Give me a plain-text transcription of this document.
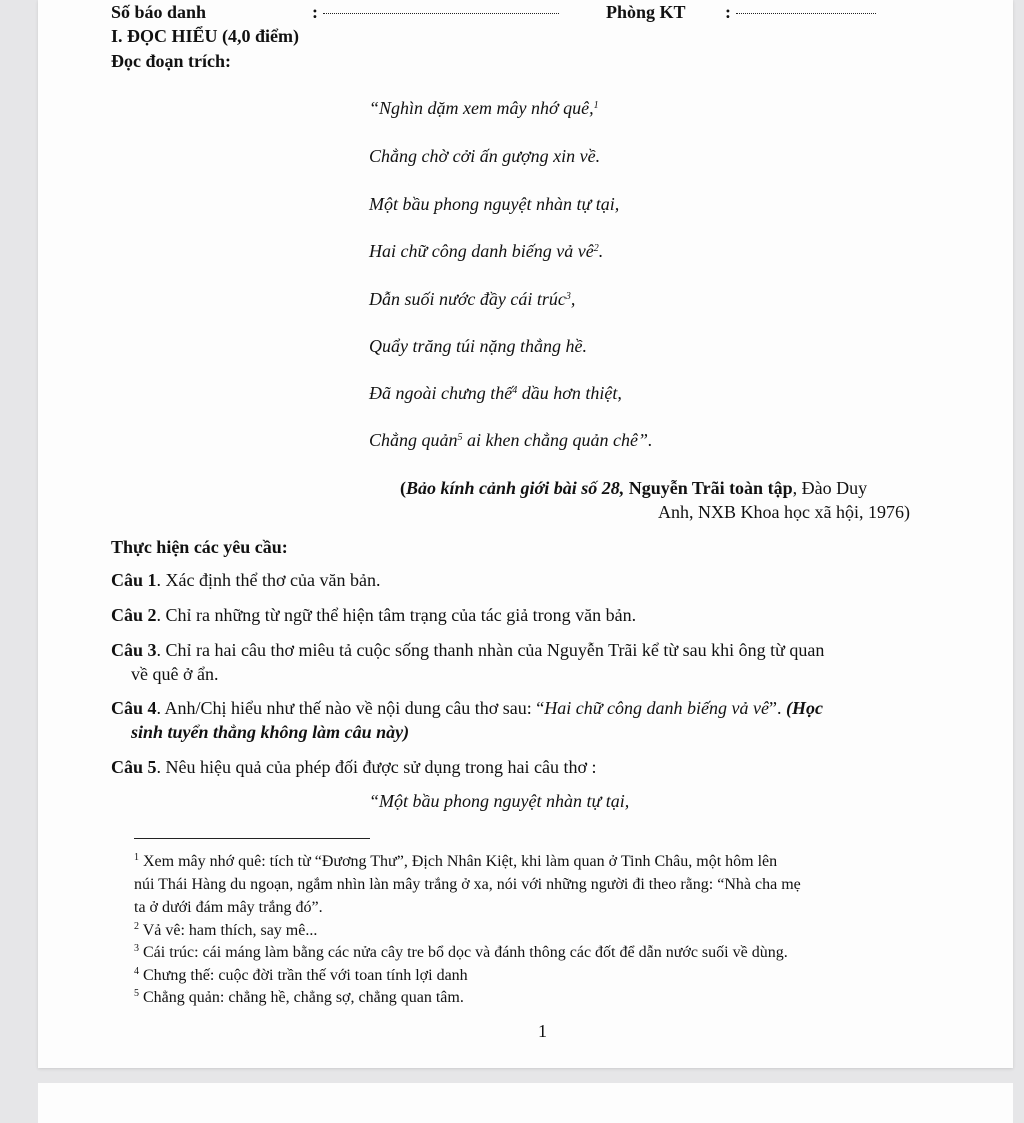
Số báo danh	:	Phòng KT :
I. ĐỌC HIỂU (4,0 điểm)
Đọc đoạn trích:
“Nghìn dặm xem mây nhớ quê,$^1$
Chẳng chờ cởi ấn gượng xin về.
Một bầu phong nguyệt nhàn tự tại,
Hai chữ công danh biếng vả $vê^2$.
Dẫn suối nước đầy cái trúc$^3$,
Quẩy trăng túi nặng thẳng hề.
Đã ngoài chưng thế$^4$ dầu hơn thiệt,
Chẳng quản$^5$ ai khen chẳng quản chê”.
(Bảo kính cảnh giới bài số 28, Nguyễn Trãi toàn tập, Đào Duy
Anh, NXB Khoa học xã hội, 1976)
Thực hiện các yêu cầu:
Câu 1. Xác định thể thơ của văn bản.
Câu 2. Chỉ ra những từ ngữ thể hiện tâm trạng của tác giả trong văn bản.
Câu 3. Chỉ ra hai câu thơ miêu tả cuộc sống thanh nhàn của Nguyễn Trãi kể từ sau khi ông từ quan
về quê ở ẩn.
Câu 4. Anh/Chị hiểu như thế nào về nội dung câu thơ sau: “Hai chữ công danh biếng vả vê”. (Học
sinh tuyển thẳng không làm câu này)
Câu 5. Nêu hiệu quả của phép đối được sử dụng trong hai câu thơ :
“Một bầu phong nguyệt nhàn tự tại,
$^1$ Xem mây nhớ quê: tích từ “Đương Thư”, Địch Nhân Kiệt, khi làm quan ở Tinh Châu, một hôm lên
núi Thái Hàng du ngoạn, ngắm nhìn làn mây trắng ở xa, nói với những người đi theo rằng: “Nhà cha mẹ
ta ở dưới đám mây trắng đó”.
$^2$ Vả vê: ham thích, say mê...
$^3$ Cái trúc: cái máng làm bằng các nửa cây tre bổ dọc và đánh thông các đốt để dẫn nước suối về dùng.
$^4$ Chưng thế: cuộc đời trần thế với toan tính lợi danh
$^5$ Chẳng quản: chẳng hề, chẳng sợ, chẳng quan tâm.
1
